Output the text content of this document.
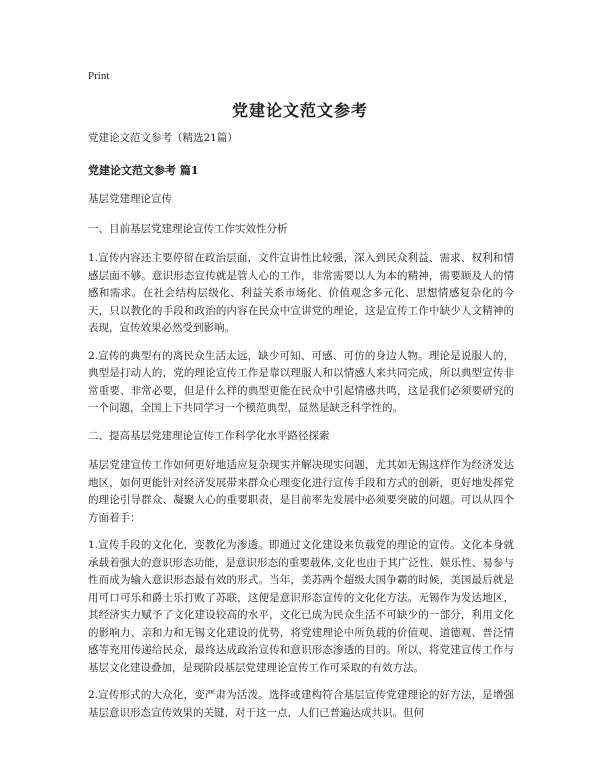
Print
党建论文范文参考

党建论文范文参考（精选21篇）

党建论文范文参考 篇1

基层党建理论宣传

一、目前基层党建理论宣传工作实效性分析

1.宣传内容还主要停留在政治层面，文件宣讲性比较强，深入到民众利益、需求、权利和情感层面不够。意识形态宣传就是管人心的工作，非常需要以人为本的精神，需要顾及人的情感和需求。在社会结构层级化、利益关系市场化、价值观念多元化、思想情感复杂化的今天，只以教化的手段和政治的内容在民众中宣讲党的理论，这是宣传工作中缺少人文精神的表现，宣传效果必然受到影响。

2.宣传的典型有的离民众生活太远，缺少可知、可感、可仿的身边人物。理论是说服人的，典型是打动人的，党的理论宣传工作是靠以理服人和以情感人来共同完成，所以典型宣传非常重要、非常必要，但是什么样的典型更能在民众中引起情感共鸣，这是我们必须要研究的一个问题，全国上下共同学习一个模范典型，显然是缺乏科学性的。

二、提高基层党建理论宣传工作科学化水平路径探索

基层党建宣传工作如何更好地适应复杂现实并解决现实问题，尤其如无锡这样作为经济发达地区，如何更能针对经济发展带来群众心理变化进行宣传手段和方式的创新，更好地发挥党的理论引导群众、凝聚人心的重要职责，是目前率先发展中必须要突破的问题。可以从四个方面着手：

1.宣传手段的文化化，变教化为渗透。即通过文化建设来负载党的理论的宣传。文化本身就承载着强大的意识形态功能，是意识形态的重要载体,文化也由于其广泛性、娱乐性、易参与性而成为输入意识形态最有效的形式。当年，美苏两个超级大国争霸的时候，美国最后就是用可口可乐和爵士乐打败了苏联，这便是意识形态宣传的文化化方法。无锡作为发达地区，其经济实力赋予了文化建设较高的水平，文化已成为民众生活不可缺少的一部分，利用文化的影响力、亲和力和无锡文化建设的优势，将党建理论中所负载的价值观、道德观、普泛情感等充用传递给民众，最终达成政治宣传和意识形态渗透的目的。所以，将党建宣传工作与基层文化建设叠加，是现阶段基层党建理论宣传工作可采取的有效方法。

2.宣传形式的大众化，变严肃为活泼。选择或建构符合基层宣传党建理论的好方法，是增强基层意识形态宣传效果的关键，对于这一点，人们已普遍达成共识。但何
